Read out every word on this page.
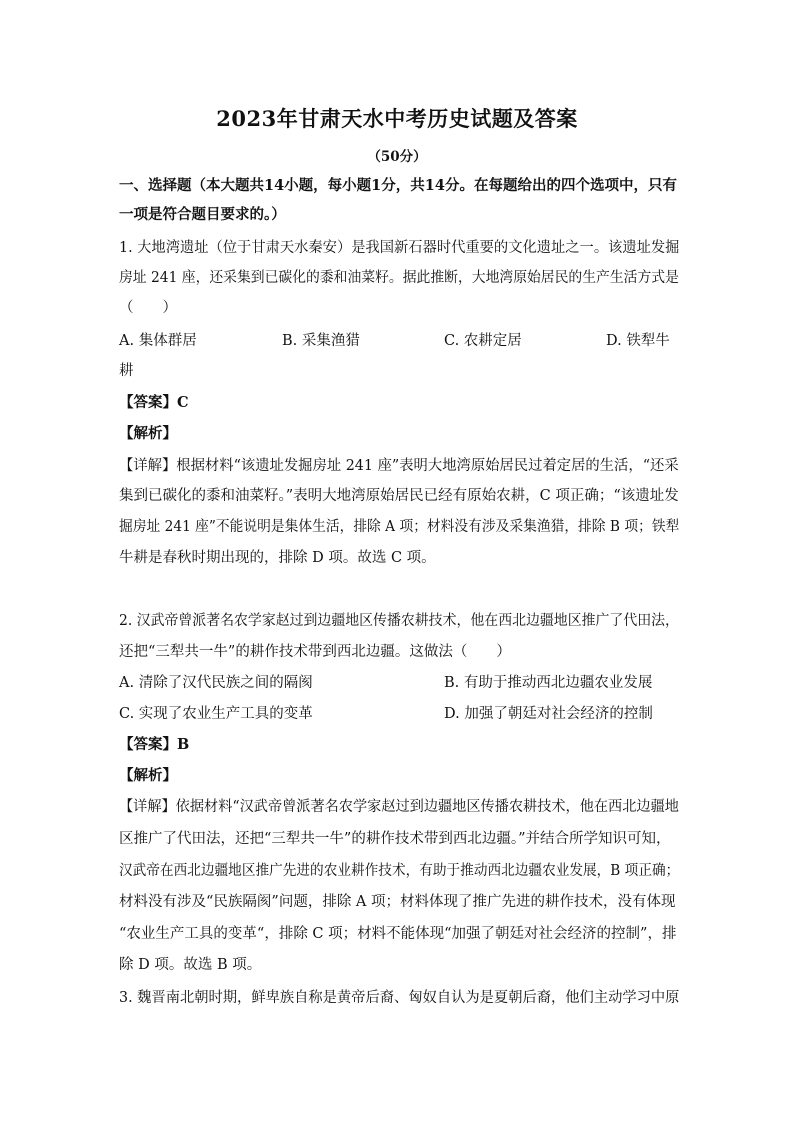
2023年甘肃天水中考历史试题及答案
（50分）
一、选择题（本大题共14小题，每小题1分，共14分。在每题给出的四个选项中，只有
一项是符合题目要求的。）
1. 大地湾遗址（位于甘肃天水秦安）是我国新石器时代重要的文化遗址之一。该遗址发掘
房址 241 座，还采集到已碳化的黍和油菜籽。据此推断，大地湾原始居民的生产生活方式是
（　　）
A. 集体群居	B. 采集渔猎	C. 农耕定居	D. 铁犁牛
耕
【答案】C
【解析】
【详解】根据材料“该遗址发掘房址 241 座”表明大地湾原始居民过着定居的生活，“还采
集到已碳化的黍和油菜籽。”表明大地湾原始居民已经有原始农耕，C 项正确；“该遗址发
掘房址 241 座”不能说明是集体生活，排除 A 项；材料没有涉及采集渔猎，排除 B 项；铁犁
牛耕是春秋时期出现的，排除 D 项。故选 C 项。
2. 汉武帝曾派著名农学家赵过到边疆地区传播农耕技术，他在西北边疆地区推广了代田法，
还把“三犁共一牛”的耕作技术带到西北边疆。这做法（　　）
A. 清除了汉代民族之间的隔阂	B. 有助于推动西北边疆农业发展
C. 实现了农业生产工具的变革	D. 加强了朝廷对社会经济的控制
【答案】B
【解析】
【详解】依据材料“汉武帝曾派著名农学家赵过到边疆地区传播农耕技术，他在西北边疆地
区推广了代田法，还把“三犁共一牛”的耕作技术带到西北边疆。”并结合所学知识可知，
汉武帝在西北边疆地区推广先进的农业耕作技术，有助于推动西北边疆农业发展，B 项正确；
材料没有涉及“民族隔阂”问题，排除 A 项；材料体现了推广先进的耕作技术，没有体现
“农业生产工具的变革“，排除 C 项；材料不能体现“加强了朝廷对社会经济的控制”，排
除 D 项。故选 B 项。
3. 魏晋南北朝时期，鲜卑族自称是黄帝后裔、匈奴自认为是夏朝后裔，他们主动学习中原
